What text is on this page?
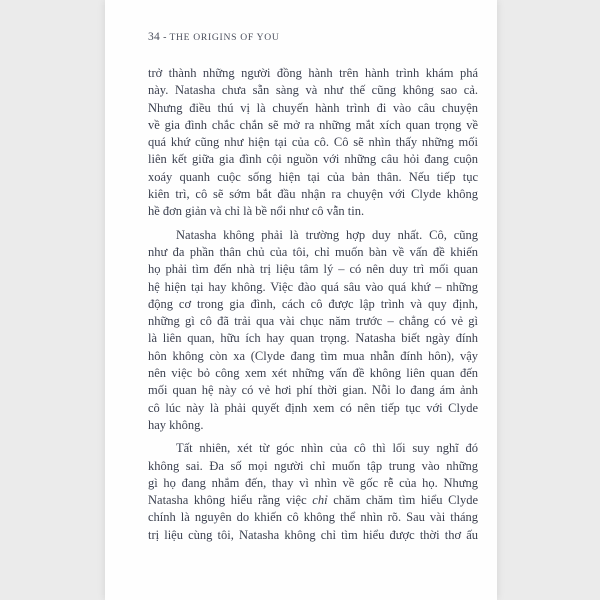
34 - THE ORIGINS OF YOU
trở thành những người đồng hành trên hành trình khám phá
này. Natasha chưa sẵn sàng và như thế cũng không sao cả.
Nhưng điều thú vị là chuyến hành trình đi vào câu chuyện
về gia đình chắc chắn sẽ mở ra những mắt xích quan trọng về
quá khứ cũng như hiện tại của cô. Cô sẽ nhìn thấy những mối
liên kết giữa gia đình cội nguồn với những câu hỏi đang cuộn
xoáy quanh cuộc sống hiện tại của bản thân. Nếu tiếp tục
kiên trì, cô sẽ sớm bắt đầu nhận ra chuyện với Clyde không
hề đơn giản và chỉ là bề nổi như cô vẫn tin.
Natasha không phải là trường hợp duy nhất. Cô, cũng
như đa phần thân chủ của tôi, chỉ muốn bàn về vấn đề khiến
họ phải tìm đến nhà trị liệu tâm lý – có nên duy trì mối quan
hệ hiện tại hay không. Việc đào quá sâu vào quá khứ – những
động cơ trong gia đình, cách cô được lập trình và quy định,
những gì cô đã trải qua vài chục năm trước – chẳng có vẻ gì
là liên quan, hữu ích hay quan trọng. Natasha biết ngày đính
hôn không còn xa (Clyde đang tìm mua nhẫn đính hôn), vậy
nên việc bỏ công xem xét những vấn đề không liên quan đến
mối quan hệ này có vẻ hơi phí thời gian. Nỗi lo đang ám ảnh
cô lúc này là phải quyết định xem có nên tiếp tục với Clyde
hay không.
Tất nhiên, xét từ góc nhìn của cô thì lối suy nghĩ đó
không sai. Đa số mọi người chỉ muốn tập trung vào những
gì họ đang nhắm đến, thay vì nhìn về gốc rễ của họ. Nhưng
Natasha không hiểu rằng việc chỉ chăm chăm tìm hiểu Clyde
chính là nguyên do khiến cô không thể nhìn rõ. Sau vài tháng
trị liệu cùng tôi, Natasha không chỉ tìm hiểu được thời thơ ấu
